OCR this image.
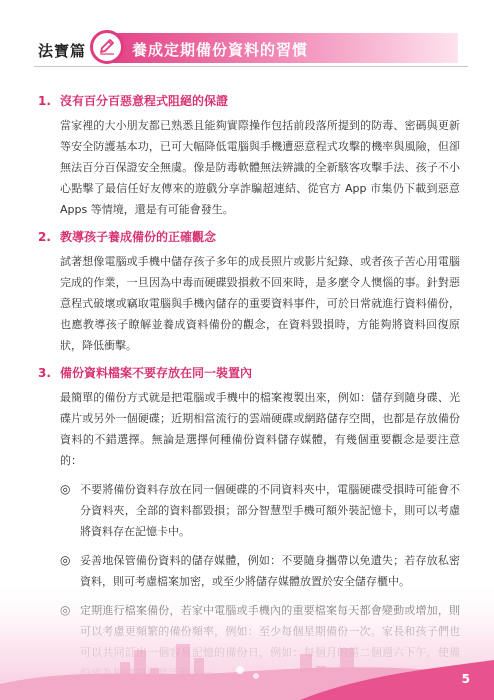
法寶篇	養成定期備份資料的習慣
1. 沒有百分百惡意程式阻絕的保證

當家裡的大小朋友都已熟悉且能夠實際操作包括前段落所提到的防毒、密碼與更新等安全防護基本功，已可大幅降低電腦與手機遭惡意程式攻擊的機率與風險，但卻無法百分百保證安全無虞。像是防毒軟體無法辨識的全新駭客攻擊手法、孩子不小心點擊了最信任好友傳來的遊戲分享詐騙超連結、從官方 App 市集仍下載到惡意 Apps 等情境，還是有可能會發生。

2. 教導孩子養成備份的正確觀念

試著想像電腦或手機中儲存孩子多年的成長照片或影片紀錄、或者孩子苦心用電腦完成的作業，一旦因為中毒而硬碟毀損救不回來時，是多麼令人懊惱的事。針對惡意程式破壞或竊取電腦與手機內儲存的重要資料事件，可於日常就進行資料備份，也應教導孩子瞭解並養成資料備份的觀念，在資料毀損時，方能夠將資料回復原狀，降低衝擊。

3. 備份資料檔案不要存放在同一裝置內

最簡單的備份方式就是把電腦或手機中的檔案複製出來，例如：儲存到隨身碟、光碟片或另外一個硬碟；近期相當流行的雲端硬碟或網路儲存空間，也都是存放備份資料的不錯選擇。無論是選擇何種備份資料儲存媒體，有幾個重要觀念是要注意的：

◎ 不要將備份資料存放在同一個硬碟的不同資料夾中，電腦硬碟受損時可能會不分資料夾，全部的資料都毀損；部分智慧型手機可額外裝記憶卡，則可以考慮將資料存在記憶卡中。
◎ 妥善地保管備份資料的儲存媒體，例如：不要隨身攜帶以免遺失；若存放私密
5
